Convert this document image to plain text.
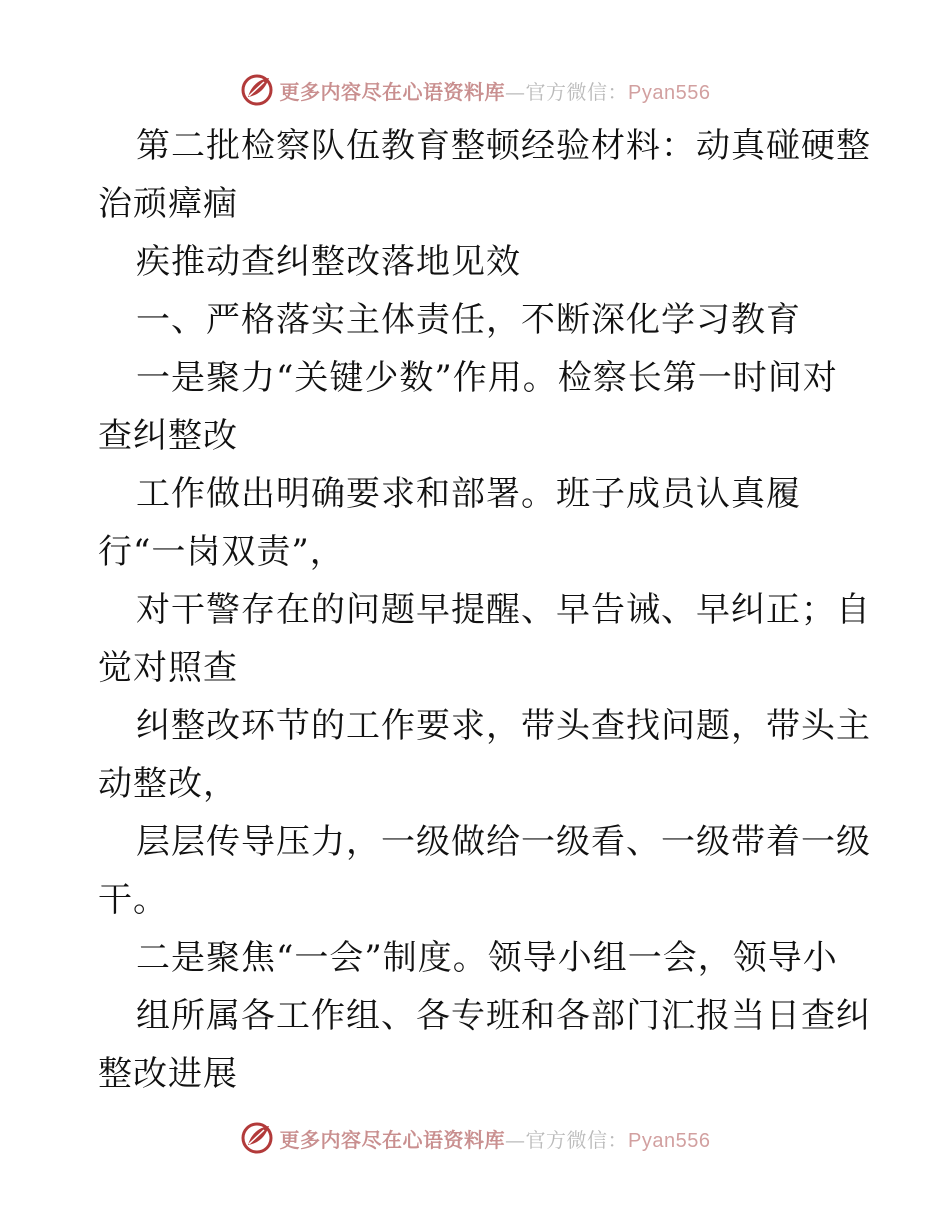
更多内容尽在心语资料库—官方微信：Pyan556
第二批检察队伍教育整顿经验材料：动真碰硬整
治顽瘴痼
疾推动查纠整改落地见效
一、严格落实主体责任，不断深化学习教育
一是聚力“关键少数”作用。检察长第一时间对
查纠整改
工作做出明确要求和部署。班子成员认真履
行“一岗双责”，
对干警存在的问题早提醒、早告诫、早纠正；自
觉对照查
纠整改环节的工作要求，带头查找问题，带头主
动整改，
层层传导压力，一级做给一级看、一级带着一级
干。
二是聚焦“一会”制度。领导小组一会，领导小
组所属各工作组、各专班和各部门汇报当日查纠
整改进展
更多内容尽在心语资料库—官方微信：Pyan556
